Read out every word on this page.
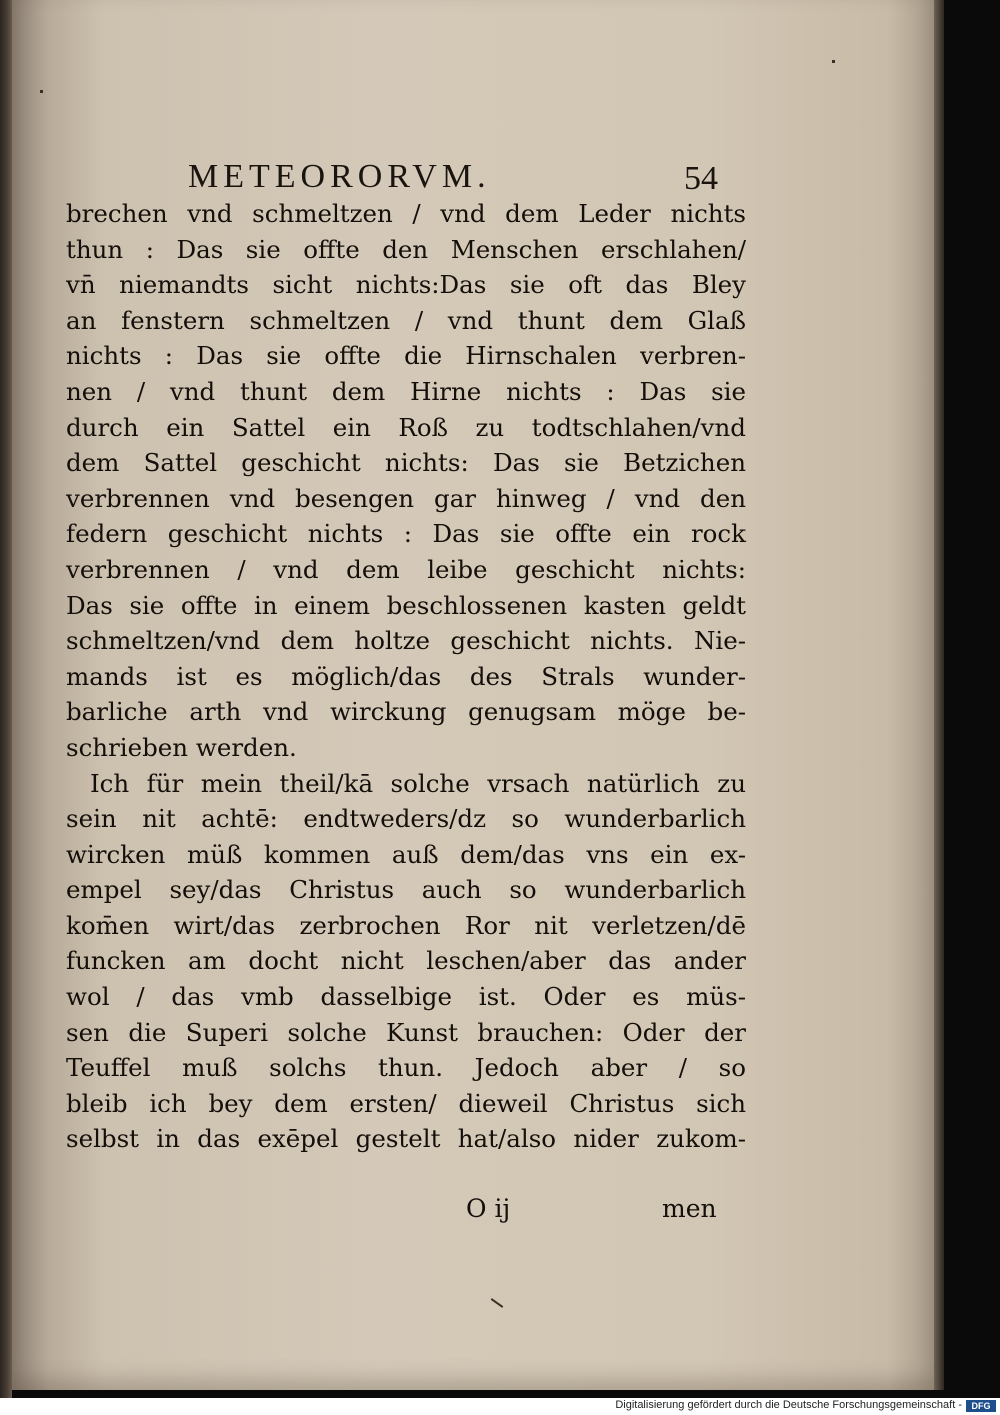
METEORORVM.	54
brechen vnd schmeltzen / vnd dem Leder nichts
thun : Das sie offte den Menschen erschlahen/
vn̄ niemandts sicht nichts:Das sie oft das Bley
an fenstern schmeltzen / vnd thunt dem Glaß
nichts : Das sie offte die Hirnschalen verbren-
nen / vnd thunt dem Hirne nichts : Das sie
durch ein Sattel ein Roß zu todtschlahen/vnd
dem Sattel geschicht nichts: Das sie Betzichen
verbrennen vnd besengen gar hinweg / vnd den
federn geschicht nichts : Das sie offte ein rock
verbrennen / vnd dem leibe geschicht nichts:
Das sie offte in einem beschlossenen kasten geldt
schmeltzen/vnd dem holtze geschicht nichts. Nie-
mands ist es möglich/das des Strals wunder-
barliche arth vnd wirckung genugsam möge be-
schrieben werden.
Ich für mein theil/kā solche vrsach natürlich zu
sein nit achtē: endtweders/dz so wunderbarlich
wircken müß kommen auß dem/das vns ein ex-
empel sey/das Christus auch so wunderbarlich
kom̄en wirt/das zerbrochen Ror nit verletzen/dē
funcken am docht nicht leschen/aber das ander
wol / das vmb dasselbige ist. Oder es müs-
sen die Superi solche Kunst brauchen: Oder der
Teuffel muß solchs thun. Jedoch aber / so
bleib ich bey dem ersten/ dieweil Christus sich
selbst in das exēpel gestelt hat/also nider zukom-
O ij	men
Digitalisierung gefördert durch die Deutsche Forschungsgemeinschaft -	DFG
